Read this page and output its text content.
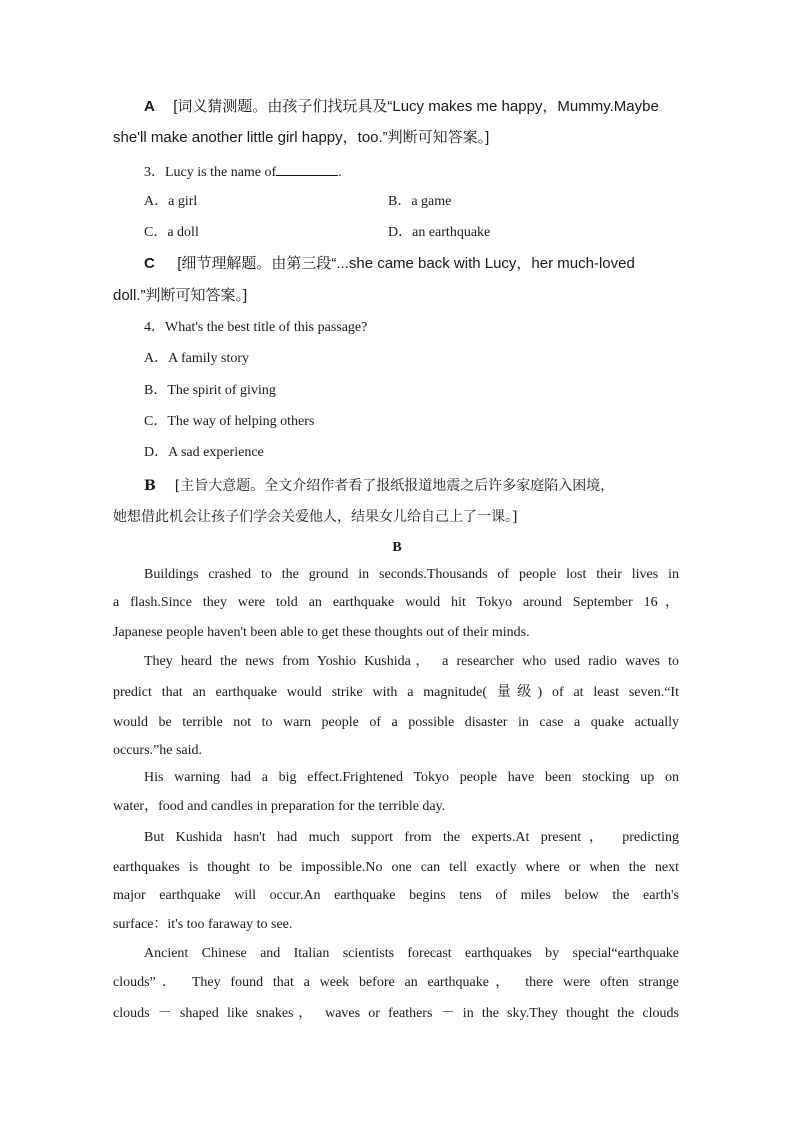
A [词义猜测题。由孩子们找玩具及“Lucy makes me happy，Mummy.Maybe
she'll make another little girl happy，too.”判断可知答案。]
3．Lucy is the name of	.
A．a girl	B．a game
C．a doll	D．an earthquake
C [细节理解题。由第三段“...she came back with Lucy，her much-loved
doll.”判断可知答案。]
4．What's the best title of this passage?
A．A family story
B．The spirit of giving
C．The way of helping others
D．A sad experience
B [主旨大意题。全文介绍作者看了报纸报道地震之后许多家庭陷入困境，
她想借此机会让孩子们学会关爱他人，结果女儿给自己上了一课。]
B
Buildings crashed to the ground in seconds.Thousands of people lost their lives in
a flash.Since they were told an earthquake would hit Tokyo around September 16，
Japanese people haven't been able to get these thoughts out of their minds.
They heard the news from Yoshio Kushida， a researcher who used radio waves to
predict that an earthquake would strike with a magnitude( 量级) of at least seven.“It
would be terrible not to warn people of a possible disaster in case a quake actually
occurs.”he said.
His warning had a big effect.Frightened Tokyo people have been stocking up on
water，food and candles in preparation for the terrible day.
But Kushida hasn't had much support from the experts.At present， predicting
earthquakes is thought to be impossible.No one can tell exactly where or when the next
major earthquake will occur.An earthquake begins tens of miles below the earth's
surface：it's too faraway to see.
Ancient Chinese and Italian scientists forecast earthquakes by special“earthquake
clouds”． They found that a week before an earthquake， there were often strange
clouds － shaped like snakes， waves or feathers － in the sky.They thought the clouds
